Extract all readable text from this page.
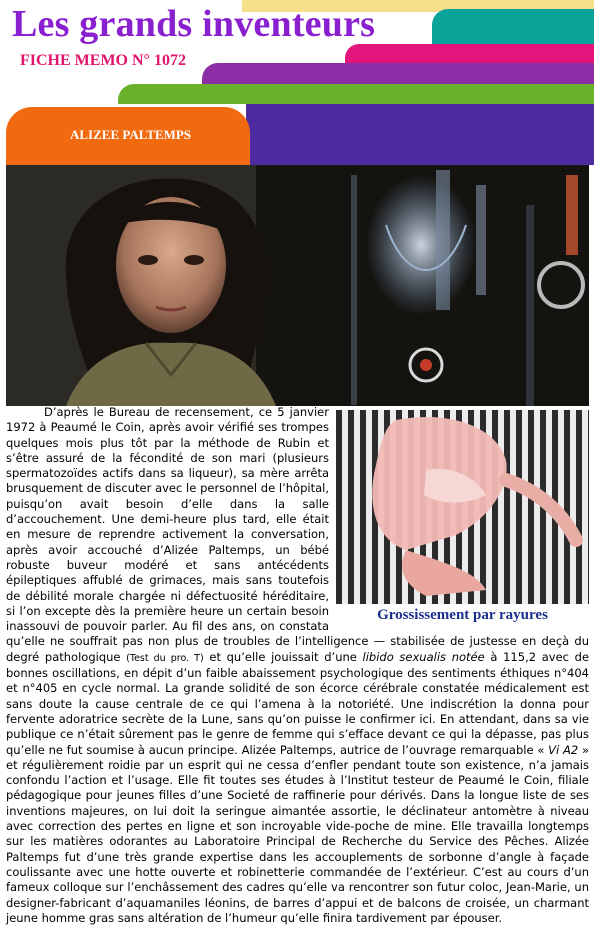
Les grands inventeurs
FICHE MEMO N° 1072
ALIZEE PALTEMPS
Grossissement par rayures
D’après le Bureau de recensement, ce 5 janvier 1972 à Peaumé le Coin, après avoir vérifié ses trompes quelques mois plus tôt par la méthode de Rubin et s’être assuré de la fécondité de son mari (plusieurs spermatozoïdes actifs dans sa liqueur), sa mère arrêta brusquement de discuter avec le personnel de l’hôpital, puisqu’on avait besoin d’elle dans la salle d’accouchement. Une demi-heure plus tard, elle était en mesure de reprendre activement la conversation, après avoir accouché d’Alizée Paltemps, un bébé robuste buveur modéré et sans antécédents épileptiques affublé de grimaces, mais sans toutefois de débilité morale chargée ni défectuosité héréditaire, si l’on excepte dès la première heure un certain besoin inassouvi de pouvoir parler. Au fil des ans, on constata qu’elle ne souffrait pas non plus de troubles de l’intelligence — stabilisée de justesse en deçà du degré pathologique (Test du pro. T) et qu’elle jouissait d’une libido sexualis notée à 115,2 avec de bonnes oscillations, en dépit d’un faible abaissement psychologique des sentiments éthiques n°404 et n°405 en cycle normal. La grande solidité de son écorce cérébrale constatée médicalement est sans doute la cause centrale de ce qui l’amena à la notoriété. Une indiscrétion la donna pour fervente adoratrice secrète de la Lune, sans qu’on puisse le confirmer ici. En attendant, dans sa vie publique ce n’était sûrement pas le genre de femme qui s’efface devant ce qui la dépasse, pas plus qu’elle ne fut soumise à aucun principe. Alizée Paltemps, autrice de l’ouvrage remarquable « Vi A2 » et régulièrement roidie par un esprit qui ne cessa d’enfler pendant toute son existence, n’a jamais confondu l’action et l’usage. Elle fit toutes ses études à l’Institut testeur de Peaumé le Coin, filiale pédagogique pour jeunes filles d’une Societé de raffinerie pour dérivés. Dans la longue liste de ses inventions majeures, on lui doit la seringue aimantée assortie, le déclinateur antomètre à niveau avec correction des pertes en ligne et son incroyable vide-poche de mine. Elle travailla longtemps sur les matières odorantes au Laboratoire Principal de Recherche du Service des Pêches. Alizée Paltemps fut d’une très grande expertise dans les accouplements de sorbonne d’angle à façade coulissante avec une hotte ouverte et robinetterie commandée de l’extérieur. C’est au cours d’un fameux colloque sur l’enchâssement des cadres qu’elle va rencontrer son futur coloc, Jean-Marie, un designer-fabricant d’aquamaniles léonins, de barres d’appui et de balcons de croisée, un charmant jeune homme gras sans altération de l’humeur qu’elle finira tardivement par épouser.
